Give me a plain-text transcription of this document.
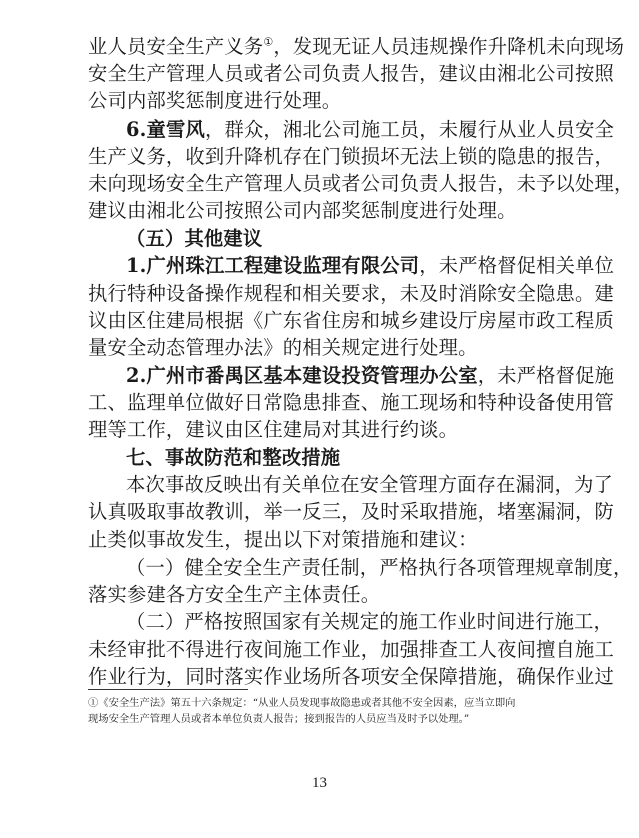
业人员安全生产义务①，发现无证人员违规操作升降机未向现场
安全生产管理人员或者公司负责人报告，建议由湘北公司按照
公司内部奖惩制度进行处理。
6.童雪风，群众，湘北公司施工员，未履行从业人员安全
生产义务，收到升降机存在门锁损坏无法上锁的隐患的报告，
未向现场安全生产管理人员或者公司负责人报告，未予以处理，
建议由湘北公司按照公司内部奖惩制度进行处理。
（五）其他建议
1.广州珠江工程建设监理有限公司，未严格督促相关单位
执行特种设备操作规程和相关要求，未及时消除安全隐患。建
议由区住建局根据《广东省住房和城乡建设厅房屋市政工程质
量安全动态管理办法》的相关规定进行处理。
2.广州市番禺区基本建设投资管理办公室，未严格督促施
工、监理单位做好日常隐患排查、施工现场和特种设备使用管
理等工作，建议由区住建局对其进行约谈。
七、事故防范和整改措施
本次事故反映出有关单位在安全管理方面存在漏洞，为了
认真吸取事故教训，举一反三，及时采取措施，堵塞漏洞，防
止类似事故发生，提出以下对策措施和建议：
（一）健全安全生产责任制，严格执行各项管理规章制度，
落实参建各方安全生产主体责任。
（二）严格按照国家有关规定的施工作业时间进行施工，
未经审批不得进行夜间施工作业，加强排查工人夜间擅自施工
作业行为，同时落实作业场所各项安全保障措施，确保作业过
①《安全生产法》第五十六条规定：“从业人员发现事故隐患或者其他不安全因素，应当立即向
现场安全生产管理人员或者本单位负责人报告；接到报告的人员应当及时予以处理。”
13
